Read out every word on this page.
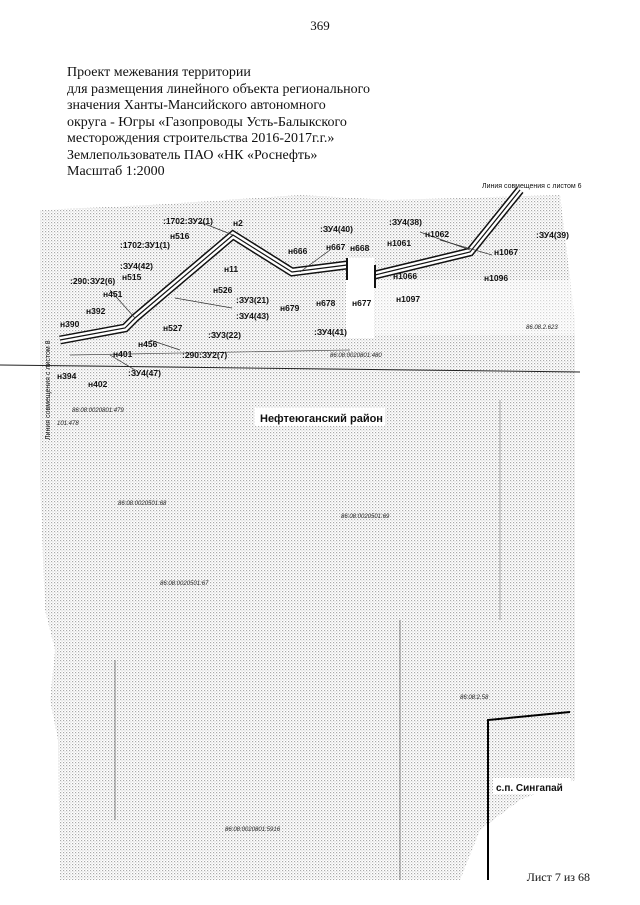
369
Проект межевания территории
для размещения линейного объекта регионального
значения Ханты-Мансийского автономного
округа - Югры «Газопроводы Усть-Балыкского
месторождения строительства 2016-2017г.г.»
Землепользователь ПАО «НК «Роснефть»
Масштаб 1:2000
:1702:ЗУ2(1)
:1702:ЗУ1(1)
:ЗУ4(42)
:290:ЗУ2(6)
:ЗУ4(40)
:ЗУ4(38)
:ЗУ4(39)
:ЗУ3(21)
:ЗУ4(43)
:ЗУ3(22)	:ЗУ4(41)
:290:ЗУ2(7)
:ЗУ4(47)
н2
н516
н11
н526
н515
н451
н392
н390	н527
н456
н401
н394
н402
н666 н667 н668
н679 н678 н677
н1061
н1062
н1067
н1066	н1096
н1097
Линия совмещения с листом 6
Линия совмещения с листом 8	Нефтеюганский район
с.п. Сингапай
86:08:0020801:480
86:08:0020801:479
86:08:0020501:68
86:08:0020501:69
86:08:0020501:67
86:08:2.58
86:08:0020801:5916
86.08.2.623
101:478
Лист 7 из 68
